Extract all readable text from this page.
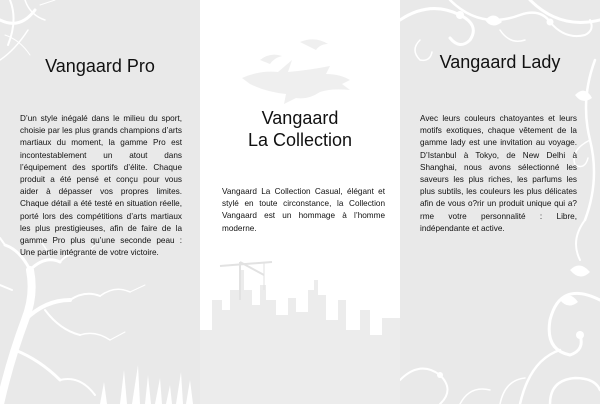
Vangaard Pro

D’un style inégalé dans le milieu du sport, choisie par les plus grands champions d’arts martiaux du moment, la gamme Pro est incontestablement un atout dans l’équipement des sportifs d’élite. Chaque produit a été pensé et conçu pour vous aider à dépasser vos propres limites. Chaque détail a été testé en situation réelle, porté lors des compétitions d’arts martiaux les plus prestigieuses, afin de faire de la gamme Pro plus qu’une seconde peau : Une partie intégrante de votre victoire.

Vangaard
La Collection

Vangaard La Collection Casual, élégant et stylé en toute circonstance, la Collection Vangaard est un hommage à l’homme moderne.

Vangaard Lady

Avec leurs couleurs chatoyantes et leurs motifs exotiques, chaque vêtement de la gamme lady est une invitation au voyage. D’Istanbul à Tokyo, de New Delhi à Shanghai, nous avons sélectionné les saveurs les plus riches, les parfums les plus subtils, les couleurs les plus délicates afin de vous o?rir un produit unique qui a?rme votre personnalité : Libre, indépendante et active.
